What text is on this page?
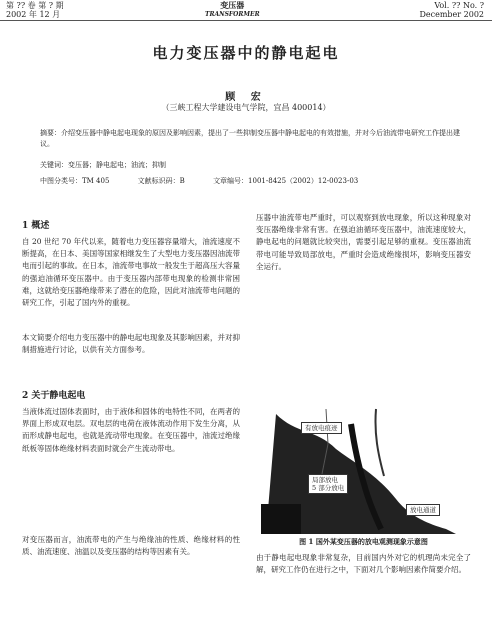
第 ?? 卷 第 ? 期
2002 年 12 月
变压器
TRANSFORMER
Vol. ?? No. ?
December 2002
电力变压器中的静电起电
顾 宏
（三峡工程大学建设电气学院，宜昌 400014）
摘要：介绍变压器中静电起电现象的原因及影响因素，提出了一些抑制变压器中静电起电的有效措施，并对今后油流带电研究工作提出建议。
关键词：变压器；静电起电；油流；抑制
中图分类号：TM 405	文献标识码：B	文章编号：1001-8425（2002）12-0023-03
1 概述
自 20 世纪 70 年代以来，随着电力变压器容量增大，油流速度不断提高，在日本、美国等国家相继发生了大型电力变压器因油流带电而引起的事故。在日本，油流带电事故一般发生于超高压大容量的强迫油循环变压器中。由于变压器内部带电现象的检测非常困难，这就给变压器绝缘带来了潜在的危险，因此对油流带电问题的研究工作，引起了国内外的重视。
本文简要介绍电力变压器中的静电起电现象及其影响因素，并对抑制措施进行讨论，以供有关方面参考。
2 关于静电起电
当液体流过固体表面时，由于液体和固体的电特性不同，在两者的界面上形成双电层。双电层的电荷在液体流动作用下发生分离，从而形成静电起电，也就是流动带电现象。在变压器中，油流过绝缘纸板等固体绝缘材料表面时就会产生流动带电。
对变压器而言，油流带电的产生与绝缘油的性质、绝缘材料的性质、油流速度、油温以及变压器的结构等因素有关。
压器中油流带电严重时，可以观察到放电现象，所以这种现象对变压器绝缘非常有害。在强迫油循环变压器中，油流速度较大，静电起电的问题就比较突出，需要引起足够的重视。变压器油流带电可能导致局部放电，严重时会造成绝缘损坏，影响变压器安全运行。
有放电痕迹
局部放电
5 部分放电
放电通道
图 1 国外某变压器的放电观测现象示意图
由于静电起电现象非常复杂，目前国内外对它的机理尚未完全了解，研究工作仍在进行之中，下面对几个影响因素作简要介绍。
